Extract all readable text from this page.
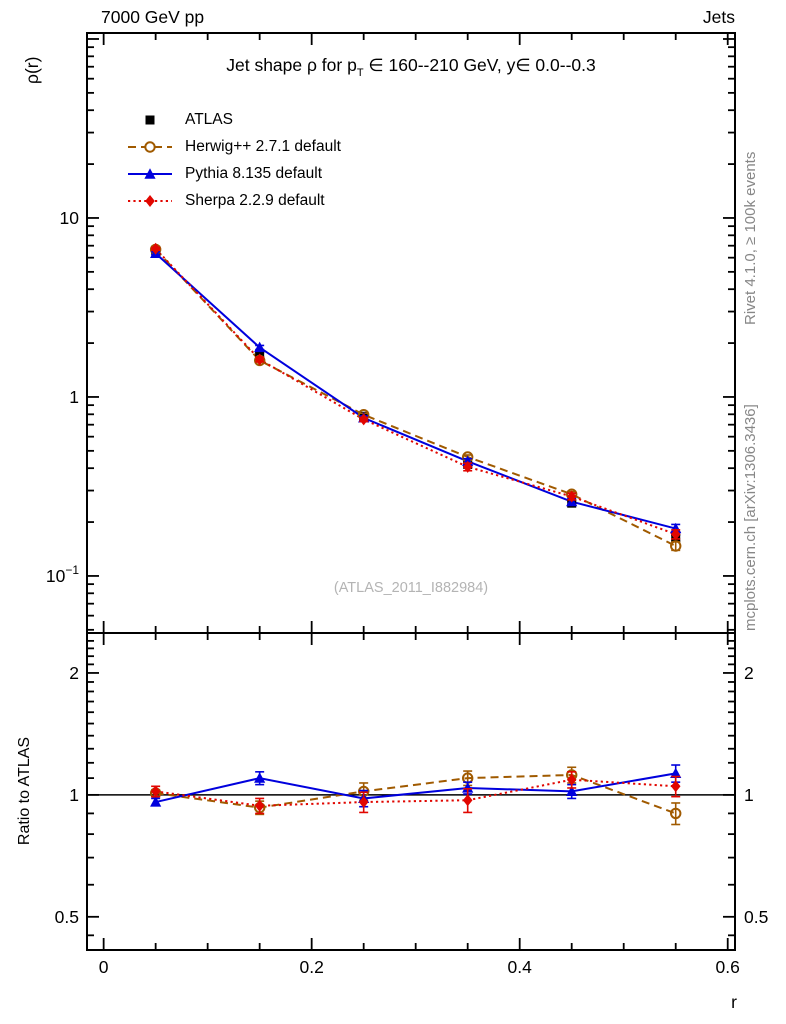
7000 GeV pp	Jets
ρ(r)
Ratio to ATLAS
Jet shape ρ for $p_T$ ∈ 160--210 GeV, y∈ 0.0--0.3
ATLAS
Herwig++ 2.7.1 default
Pythia 8.135 default
Sherpa 2.2.9 default
(ATLAS_2011_I882984)
Rivet 4.1.0, ≥ 100k events
mcplots.cern.ch [arXiv:1306.3436]
r
0	0.2	0.4	0.6
10
1
$10^{-1}$
2	2
1	1
0.5	0.5
